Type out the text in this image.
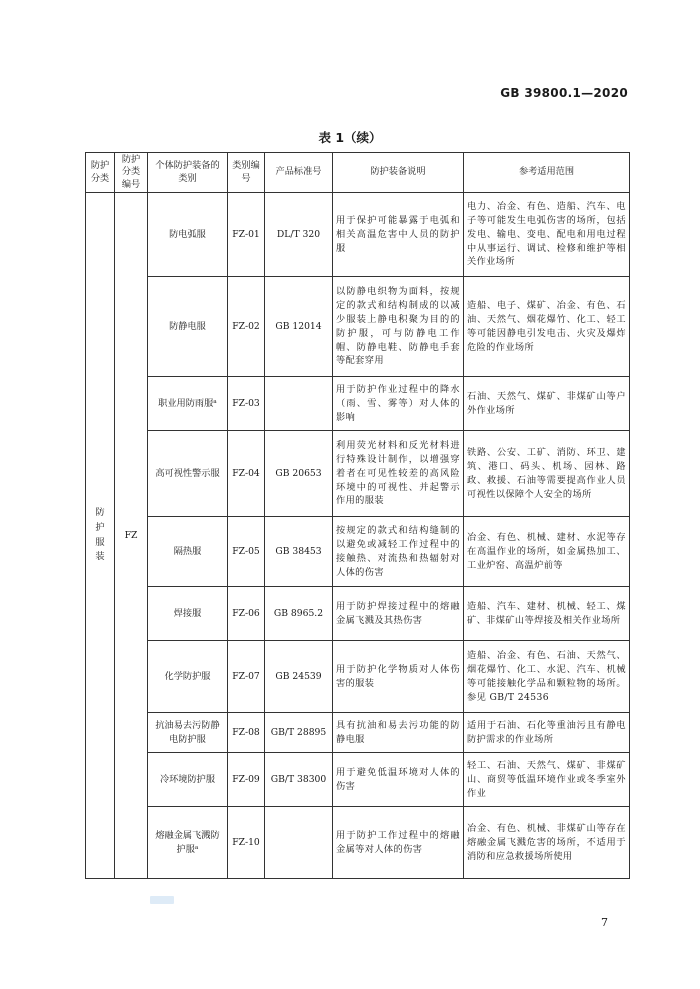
GB 39800.1—2020
表 1（续）
防护分类	防护分类编号	个体防护装备的类别	类别编号	产品标准号	防护装备说明	参考适用范围
防护服装	FZ	防电弧服	FZ-01	DL/T 320	用于保护可能暴露于电弧和相关高温危害中人员的防护服	电力、冶金、有色、造船、汽车、电子等可能发生电弧伤害的场所，包括发电、输电、变电、配电和用电过程中从事运行、调试、检修和维护等相关作业场所
		防静电服	FZ-02	GB 12014	以防静电织物为面料，按规定的款式和结构制成的以减少服装上静电积聚为目的的防护服，可与防静电工作帽、防静电鞋、防静电手套等配套穿用	造船、电子、煤矿、冶金、有色、石油、天然气、烟花爆竹、化工、轻工等可能因静电引发电击、火灾及爆炸危险的作业场所
		职业用防雨服ᵃ	FZ-03		用于防护作业过程中的降水（雨、雪、雾等）对人体的影响	石油、天然气、煤矿、非煤矿山等户外作业场所
		高可视性警示服	FZ-04	GB 20653	利用荧光材料和反光材料进行特殊设计制作，以增强穿着者在可见性较差的高风险环境中的可视性、并起警示作用的服装	铁路、公安、工矿、消防、环卫、建筑、港口、码头、机场、园林、路政、救援、石油等需要提高作业人员可视性以保障个人安全的场所
		隔热服	FZ-05	GB 38453	按规定的款式和结构缝制的以避免或减轻工作过程中的接触热、对流热和热辐射对人体的伤害	冶金、有色、机械、建材、水泥等存在高温作业的场所，如金属热加工、工业炉窑、高温炉前等
		焊接服	FZ-06	GB 8965.2	用于防护焊接过程中的熔融金属飞溅及其热伤害	造船、汽车、建材、机械、轻工、煤矿、非煤矿山等焊接及相关作业场所
		化学防护服	FZ-07	GB 24539	用于防护化学物质对人体伤害的服装	造船、冶金、有色、石油、天然气、烟花爆竹、化工、水泥、汽车、机械等可能接触化学品和颗粒物的场所。参见 GB/T 24536
		抗油易去污防静电防护服	FZ-08	GB/T 28895	具有抗油和易去污功能的防静电服	适用于石油、石化等重油污且有静电防护需求的作业场所
		冷环境防护服	FZ-09	GB/T 38300	用于避免低温环境对人体的伤害	轻工、石油、天然气、煤矿、非煤矿山、商贸等低温环境作业或冬季室外作业
		熔融金属飞溅防护服ᵃ	FZ-10		用于防护工作过程中的熔融金属等对人体的伤害	冶金、有色、机械、非煤矿山等存在熔融金属飞溅危害的场所，不适用于消防和应急救援场所使用
7
